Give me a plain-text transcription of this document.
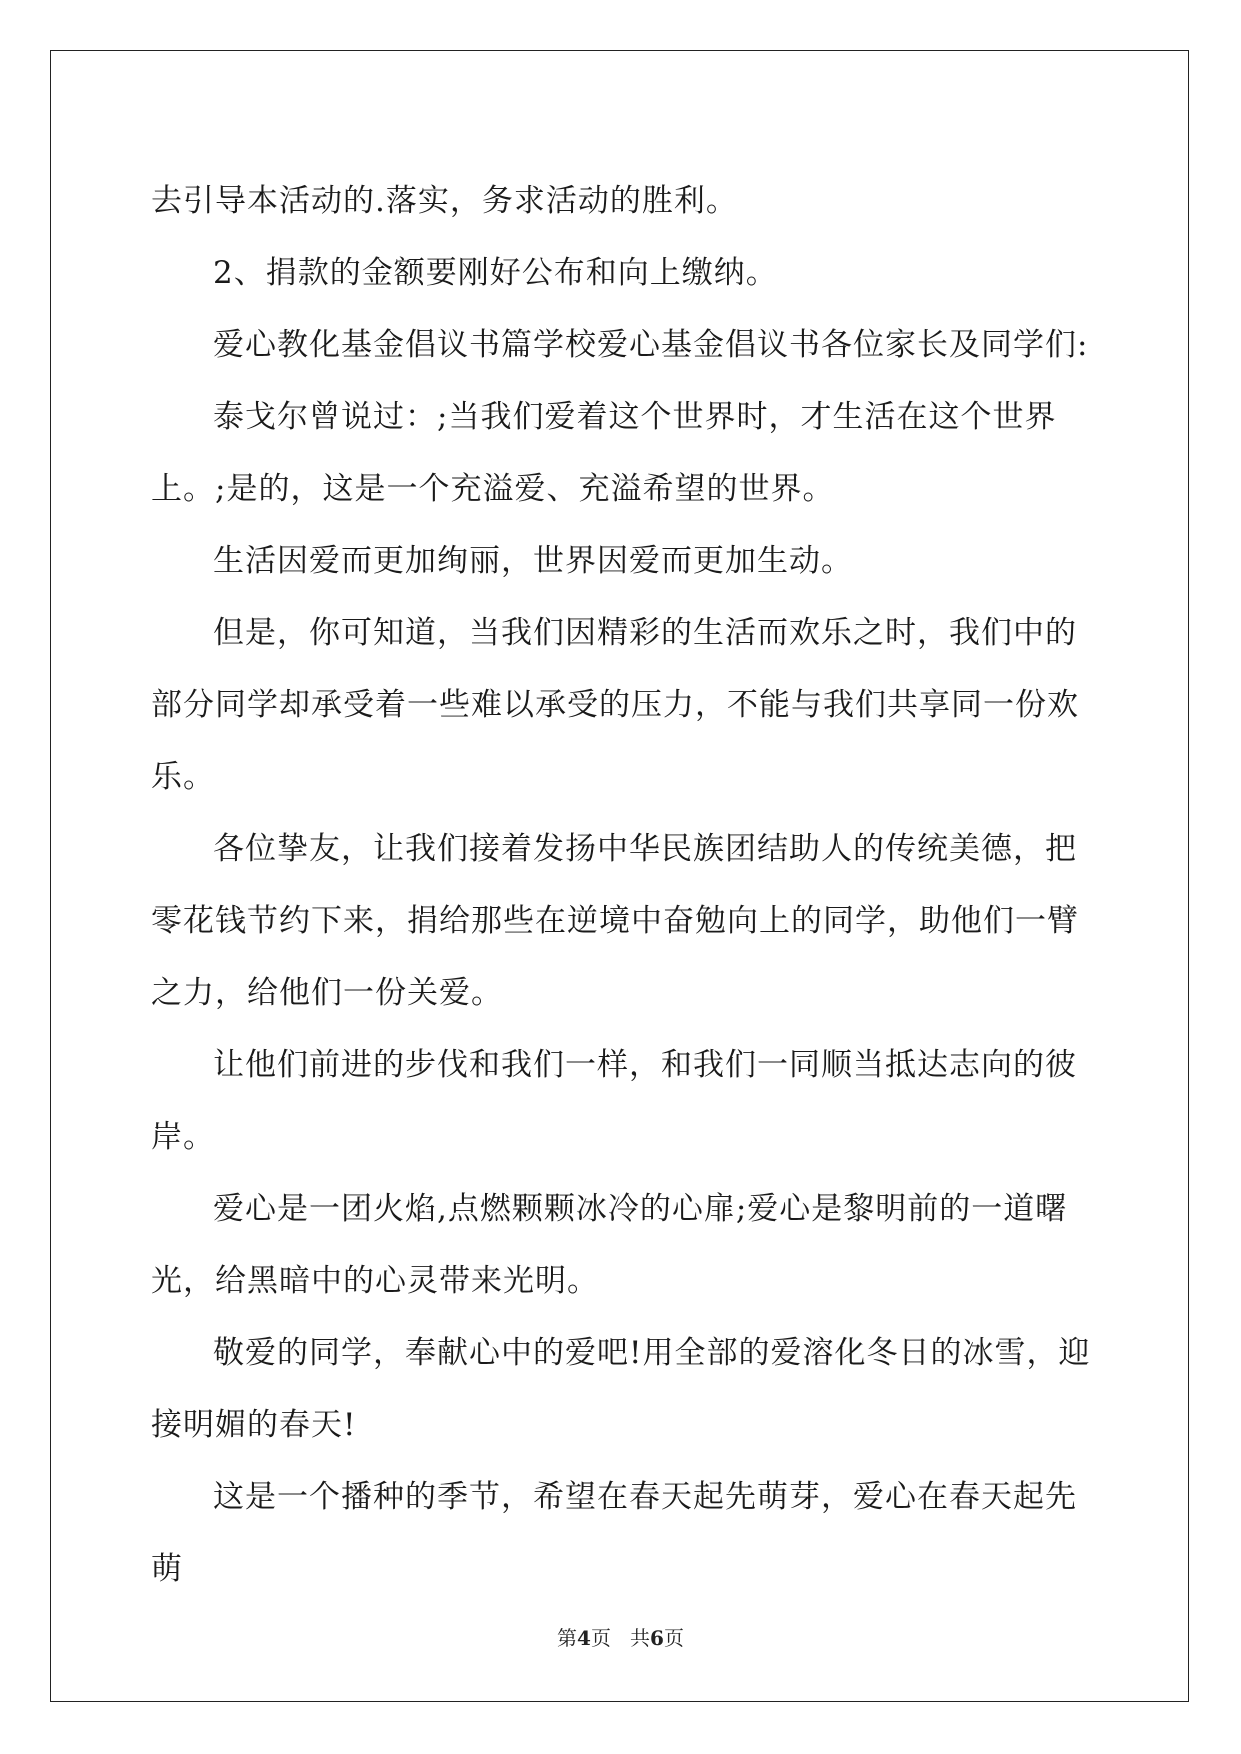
去引导本活动的.落实，务求活动的胜利。

2、捐款的金额要刚好公布和向上缴纳。

爱心教化基金倡议书篇学校爱心基金倡议书各位家长及同学们:

泰戈尔曾说过：;当我们爱着这个世界时，才生活在这个世界上。;是的，这是一个充溢爱、充溢希望的世界。

生活因爱而更加绚丽，世界因爱而更加生动。

但是，你可知道，当我们因精彩的生活而欢乐之时，我们中的部分同学却承受着一些难以承受的压力，不能与我们共享同一份欢乐。

各位挚友，让我们接着发扬中华民族团结助人的传统美德，把零花钱节约下来，捐给那些在逆境中奋勉向上的同学，助他们一臂之力，给他们一份关爱。

让他们前进的步伐和我们一样，和我们一同顺当抵达志向的彼岸。

爱心是一团火焰,点燃颗颗冰冷的心扉;爱心是黎明前的一道曙光，给黑暗中的心灵带来光明。

敬爱的同学，奉献心中的爱吧!用全部的爱溶化冬日的冰雪，迎接明媚的春天!

这是一个播种的季节，希望在春天起先萌芽，爱心在春天起先萌

第4页 共6页
